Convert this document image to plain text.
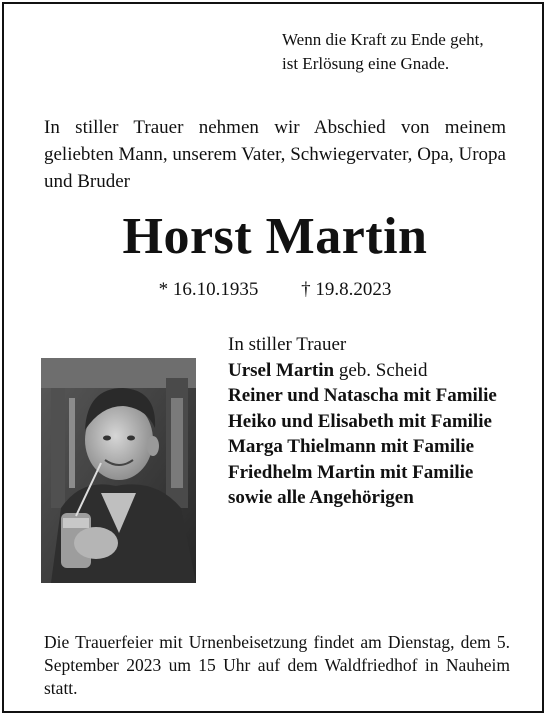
Wenn die Kraft zu Ende geht,
ist Erlösung eine Gnade.
In stiller Trauer nehmen wir Abschied von meinem geliebten Mann, unserem Vater, Schwiegervater, Opa, Uropa und Bruder
Horst Martin
* 16.10.1935 † 19.8.2023
In stiller Trauer
Ursel Martin geb. Scheid
Reiner und Natascha mit Familie
Heiko und Elisabeth mit Familie
Marga Thielmann mit Familie
Friedhelm Martin mit Familie
sowie alle Angehörigen
Die Trauerfeier mit Urnenbeisetzung findet am Dienstag, dem 5. September 2023 um 15 Uhr auf dem Waldfriedhof in Nauheim statt.
